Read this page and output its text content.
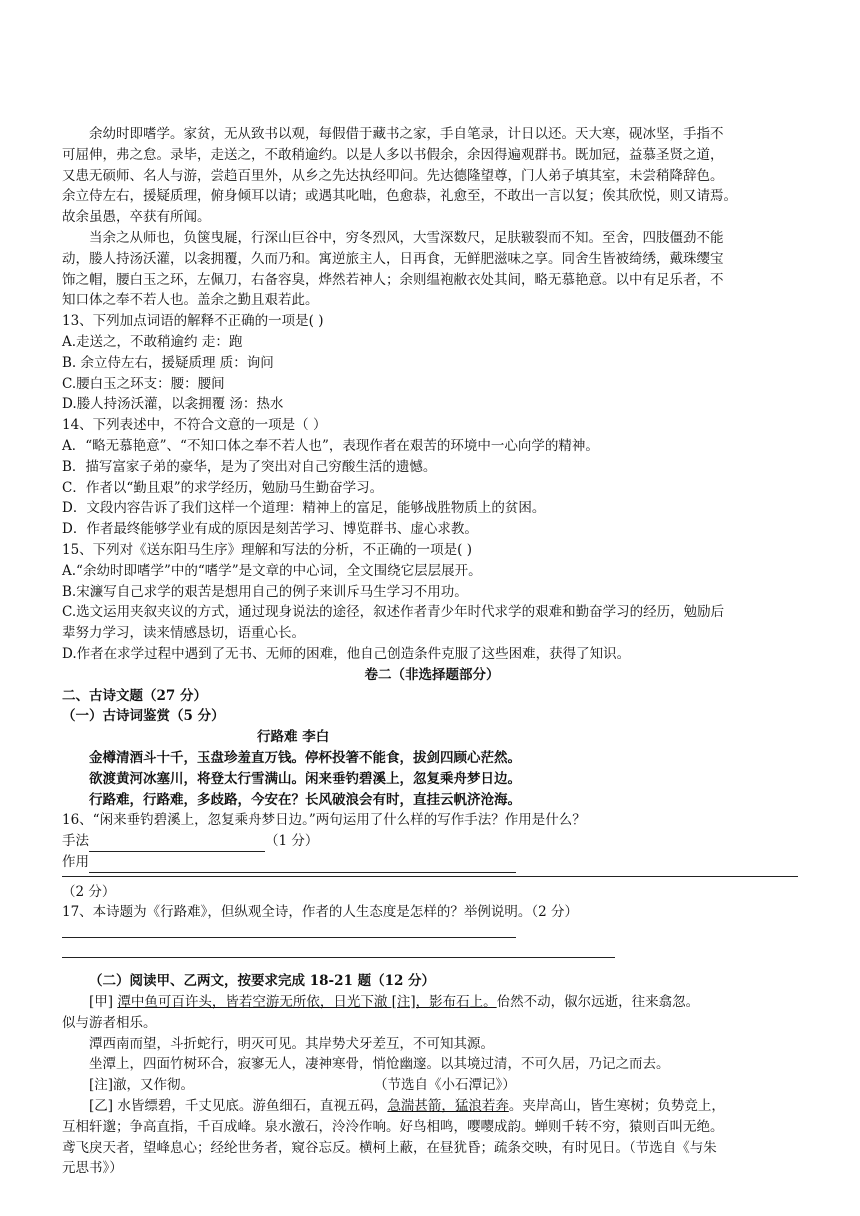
余幼时即嗜学。家贫，无从致书以观，每假借于藏书之家，手自笔录，计日以还。天大寒，砚冰坚，手指不
可屈伸，弗之怠。录毕，走送之，不敢稍逾约。以是人多以书假余，余因得遍观群书。既加冠，益慕圣贤之道，
又患无硕师、名人与游，尝趋百里外，从乡之先达执经叩问。先达德隆望尊，门人弟子填其室，未尝稍降辞色。
余立侍左右，援疑质理，俯身倾耳以请；或遇其叱咄，色愈恭，礼愈至，不敢出一言以复；俟其欣悦，则又请焉。
故余虽愚，卒获有所闻。
当余之从师也，负箧曳屣，行深山巨谷中，穷冬烈风，大雪深数尺，足肤皲裂而不知。至舍，四肢僵劲不能
动，媵人持汤沃灌，以衾拥覆，久而乃和。寓逆旅主人，日再食，无鲜肥滋味之享。同舍生皆被绮绣，戴珠缨宝
饰之帽，腰白玉之环，左佩刀，右备容臭，烨然若神人；余则缊袍敝衣处其间，略无慕艳意。以中有足乐者，不
知口体之奉不若人也。盖余之勤且艰若此。
13、下列加点词语的解释不正确的一项是( )
A.走送之，不敢稍逾约 走：跑
B. 余立侍左右，援疑质理 质：询问
C.腰白玉之环支：腰：腰间
D.媵人持汤沃灌，以衾拥覆 汤：热水
14、下列表述中，不符合文意的一项是（ ）
A．“略无慕艳意”、“不知口体之奉不若人也”，表现作者在艰苦的环境中一心向学的精神。
B．描写富家子弟的豪华，是为了突出对自己穷酸生活的遗憾。
C．作者以“勤且艰”的求学经历，勉励马生勤奋学习。
D．文段内容告诉了我们这样一个道理：精神上的富足，能够战胜物质上的贫困。
D．作者最终能够学业有成的原因是刻苦学习、博览群书、虚心求教。
15、下列对《送东阳马生序》理解和写法的分析，不正确的一项是( )
A.“余幼时即嗜学”中的“嗜学”是文章的中心词，全文围绕它层层展开。
B.宋濂写自己求学的艰苦是想用自己的例子来训斥马生学习不用功。
C.选文运用夹叙夹议的方式，通过现身说法的途径，叙述作者青少年时代求学的艰难和勤奋学习的经历，勉励后
辈努力学习，读来情感恳切，语重心长。
D.作者在求学过程中遇到了无书、无师的困难，他自己创造条件克服了这些困难，获得了知识。
卷二（非选择题部分）
二、古诗文题（27 分）
（一）古诗词鉴赏（5 分）
行路难 李白
金樽清酒斗十千，玉盘珍羞直万钱。停杯投箸不能食，拔剑四顾心茫然。
欲渡黄河冰塞川，将登太行雪满山。闲来垂钓碧溪上，忽复乘舟梦日边。
行路难，行路难，多歧路，今安在？长风破浪会有时，直挂云帆济沧海。
16、“闲来垂钓碧溪上，忽复乘舟梦日边。”两句运用了什么样的写作手法？作用是什么？
手法	（1 分）
作用
（2 分）
17、本诗题为《行路难》，但纵观全诗，作者的人生态度是怎样的？举例说明。（2 分）
（二）阅读甲、乙两文，按要求完成 18-21 题（12 分）
[甲] 潭中鱼可百许头，皆若空游无所依，日光下澈 [注]，影布石上。佁然不动，俶尔远逝，往来翕忽。
似与游者相乐。
潭西南而望，斗折蛇行，明灭可见。其岸势犬牙差互，不可知其源。
坐潭上，四面竹树环合，寂寥无人，凄神寒骨，悄怆幽邃。以其境过清，不可久居，乃记之而去。
[注]澈，又作彻。	（节选自《小石潭记》）
[乙] 水皆缥碧，千丈见底。游鱼细石，直视五码，急湍甚箭，猛浪若奔。夹岸高山，皆生寒树；负势竞上，
互相轩邈；争高直指，千百成峰。泉水激石，泠泠作响。好鸟相鸣，嘤嘤成韵。蝉则千转不穷，猿则百叫无绝。
鸢飞戾天者，望峰息心；经纶世务者，窥谷忘反。横柯上蔽，在昼犹昏；疏条交映，有时见日。（节选自《与朱
元思书》）
